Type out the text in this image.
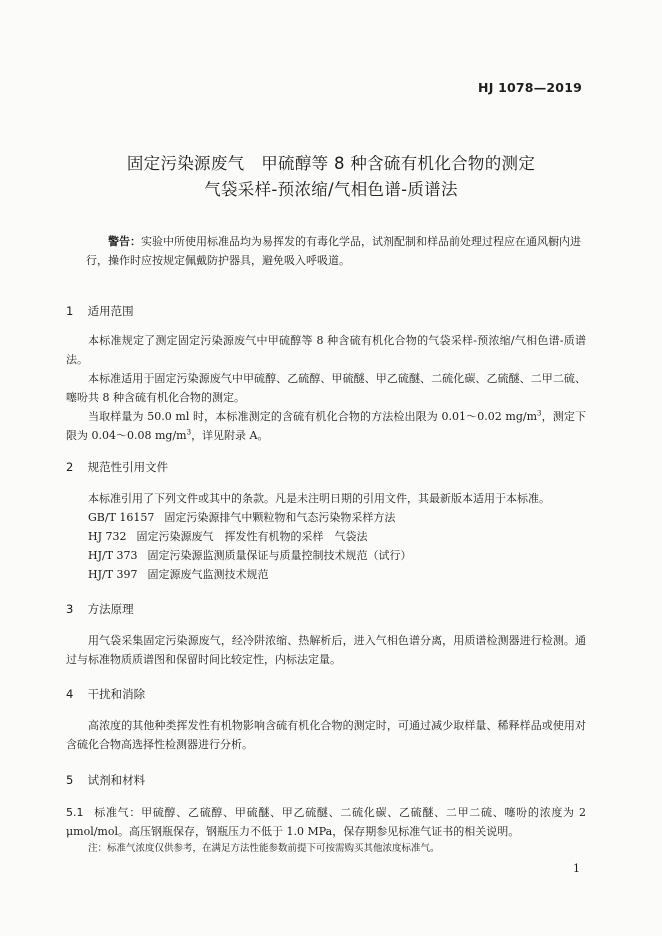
HJ 1078—2019
固定污染源废气　甲硫醇等 8 种含硫有机化合物的测定
气袋采样-预浓缩/气相色谱-质谱法
警告：实验中所使用标准品均为易挥发的有毒化学品，试剂配制和样品前处理过程应在通风橱内进行，操作时应按规定佩戴防护器具，避免吸入呼吸道。
1 适用范围

本标准规定了测定固定污染源废气中甲硫醇等 8 种含硫有机化合物的气袋采样-预浓缩/气相色谱-质谱法。

本标准适用于固定污染源废气中甲硫醇、乙硫醇、甲硫醚、甲乙硫醚、二硫化碳、乙硫醚、二甲二硫、噻吩共 8 种含硫有机化合物的测定。

当取样量为 50.0 ml 时，本标准测定的含硫有机化合物的方法检出限为 0.01～0.02 $mg/m^3$，测定下限为 0.04～0.08 $mg/m^3$，详见附录 A。

2 规范性引用文件

本标准引用了下列文件或其中的条款。凡是未注明日期的引用文件，其最新版本适用于本标准。

GB/T 16157 固定污染源排气中颗粒物和气态污染物采样方法
HJ 732 固定污染源废气　挥发性有机物的采样　气袋法
HJ/T 373 固定污染源监测质量保证与质量控制技术规范（试行）
HJ/T 397 固定源废气监测技术规范
3 方法原理

用气袋采集固定污染源废气，经冷阱浓缩、热解析后，进入气相色谱分离，用质谱检测器进行检测。通过与标准物质质谱图和保留时间比较定性，内标法定量。

4 干扰和消除

高浓度的其他种类挥发性有机物影响含硫有机化合物的测定时，可通过减少取样量、稀释样品或使用对含硫化合物高选择性检测器进行分析。

5 试剂和材料

5.1 标准气：甲硫醇、乙硫醇、甲硫醚、甲乙硫醚、二硫化碳、乙硫醚、二甲二硫、噻吩的浓度为 2 μmol/mol。高压钢瓶保存，钢瓶压力不低于 1.0 MPa，保存期参见标准气证书的相关说明。

注：标准气浓度仅供参考，在满足方法性能参数前提下可按需购买其他浓度标准气。
1
